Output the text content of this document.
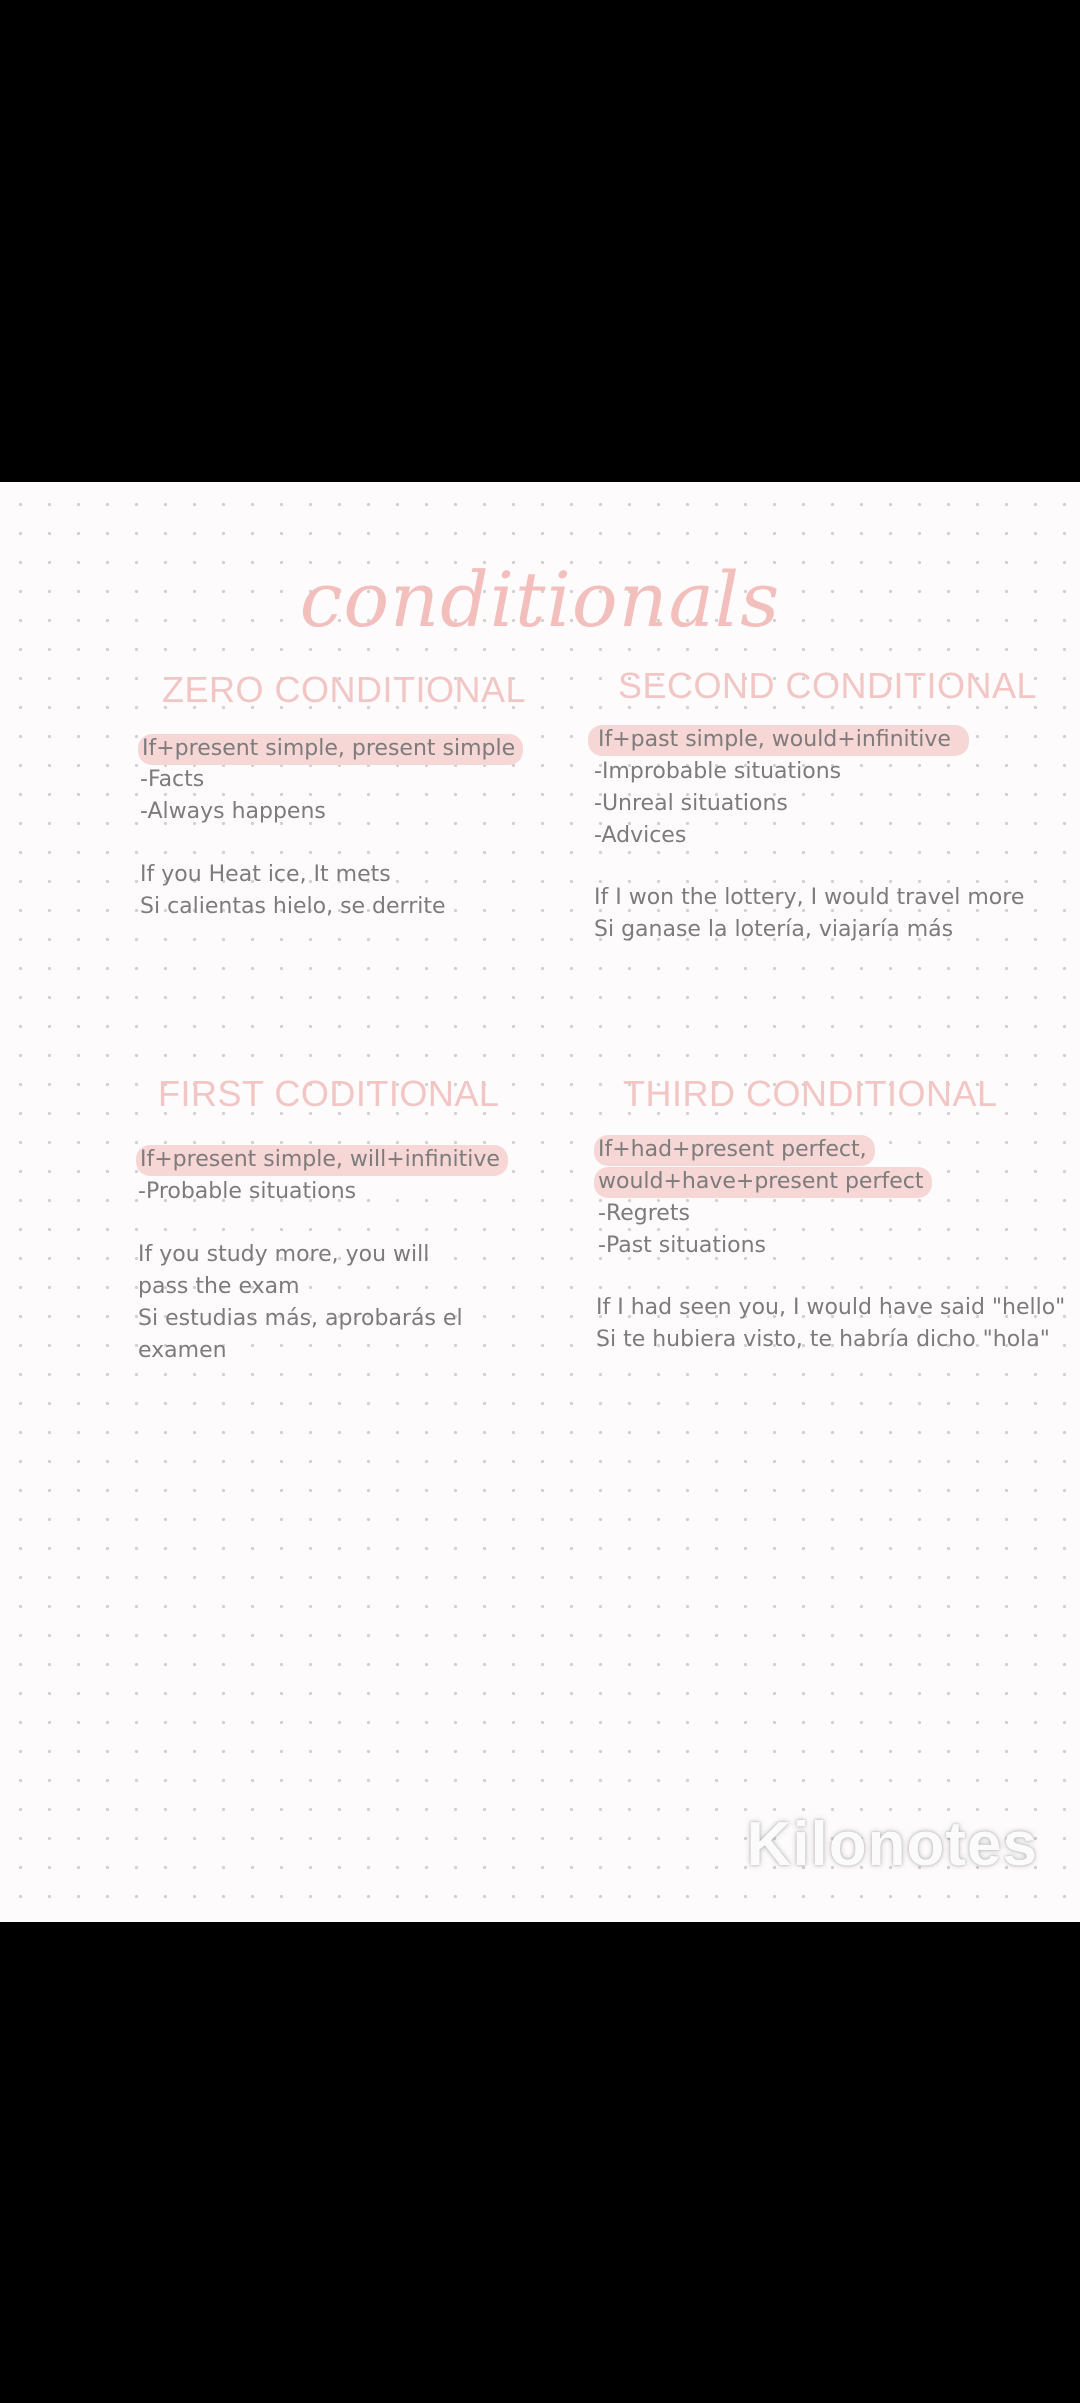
conditionals
ZERO CONDITIONAL
If+present simple, present simple
-Facts
-Always happens
If you Heat ice, It mets
Si calientas hielo, se derrite
SECOND CONDITIONAL
If+past simple, would+infinitive
-Improbable situations
-Unreal situations
-Advices
If I won the lottery, I would travel more
Si ganase la lotería, viajaría más
FIRST CODITIONAL
If+present simple, will+infinitive
-Probable situations
If you study more, you will
pass the exam
Si estudias más, aprobarás el
examen
THIRD CONDITIONAL
If+had+present perfect,
would+have+present perfect
-Regrets
-Past situations
If I had seen you, I would have said "hello"
Si te hubiera visto, te habría dicho "hola"
Kilonotes
